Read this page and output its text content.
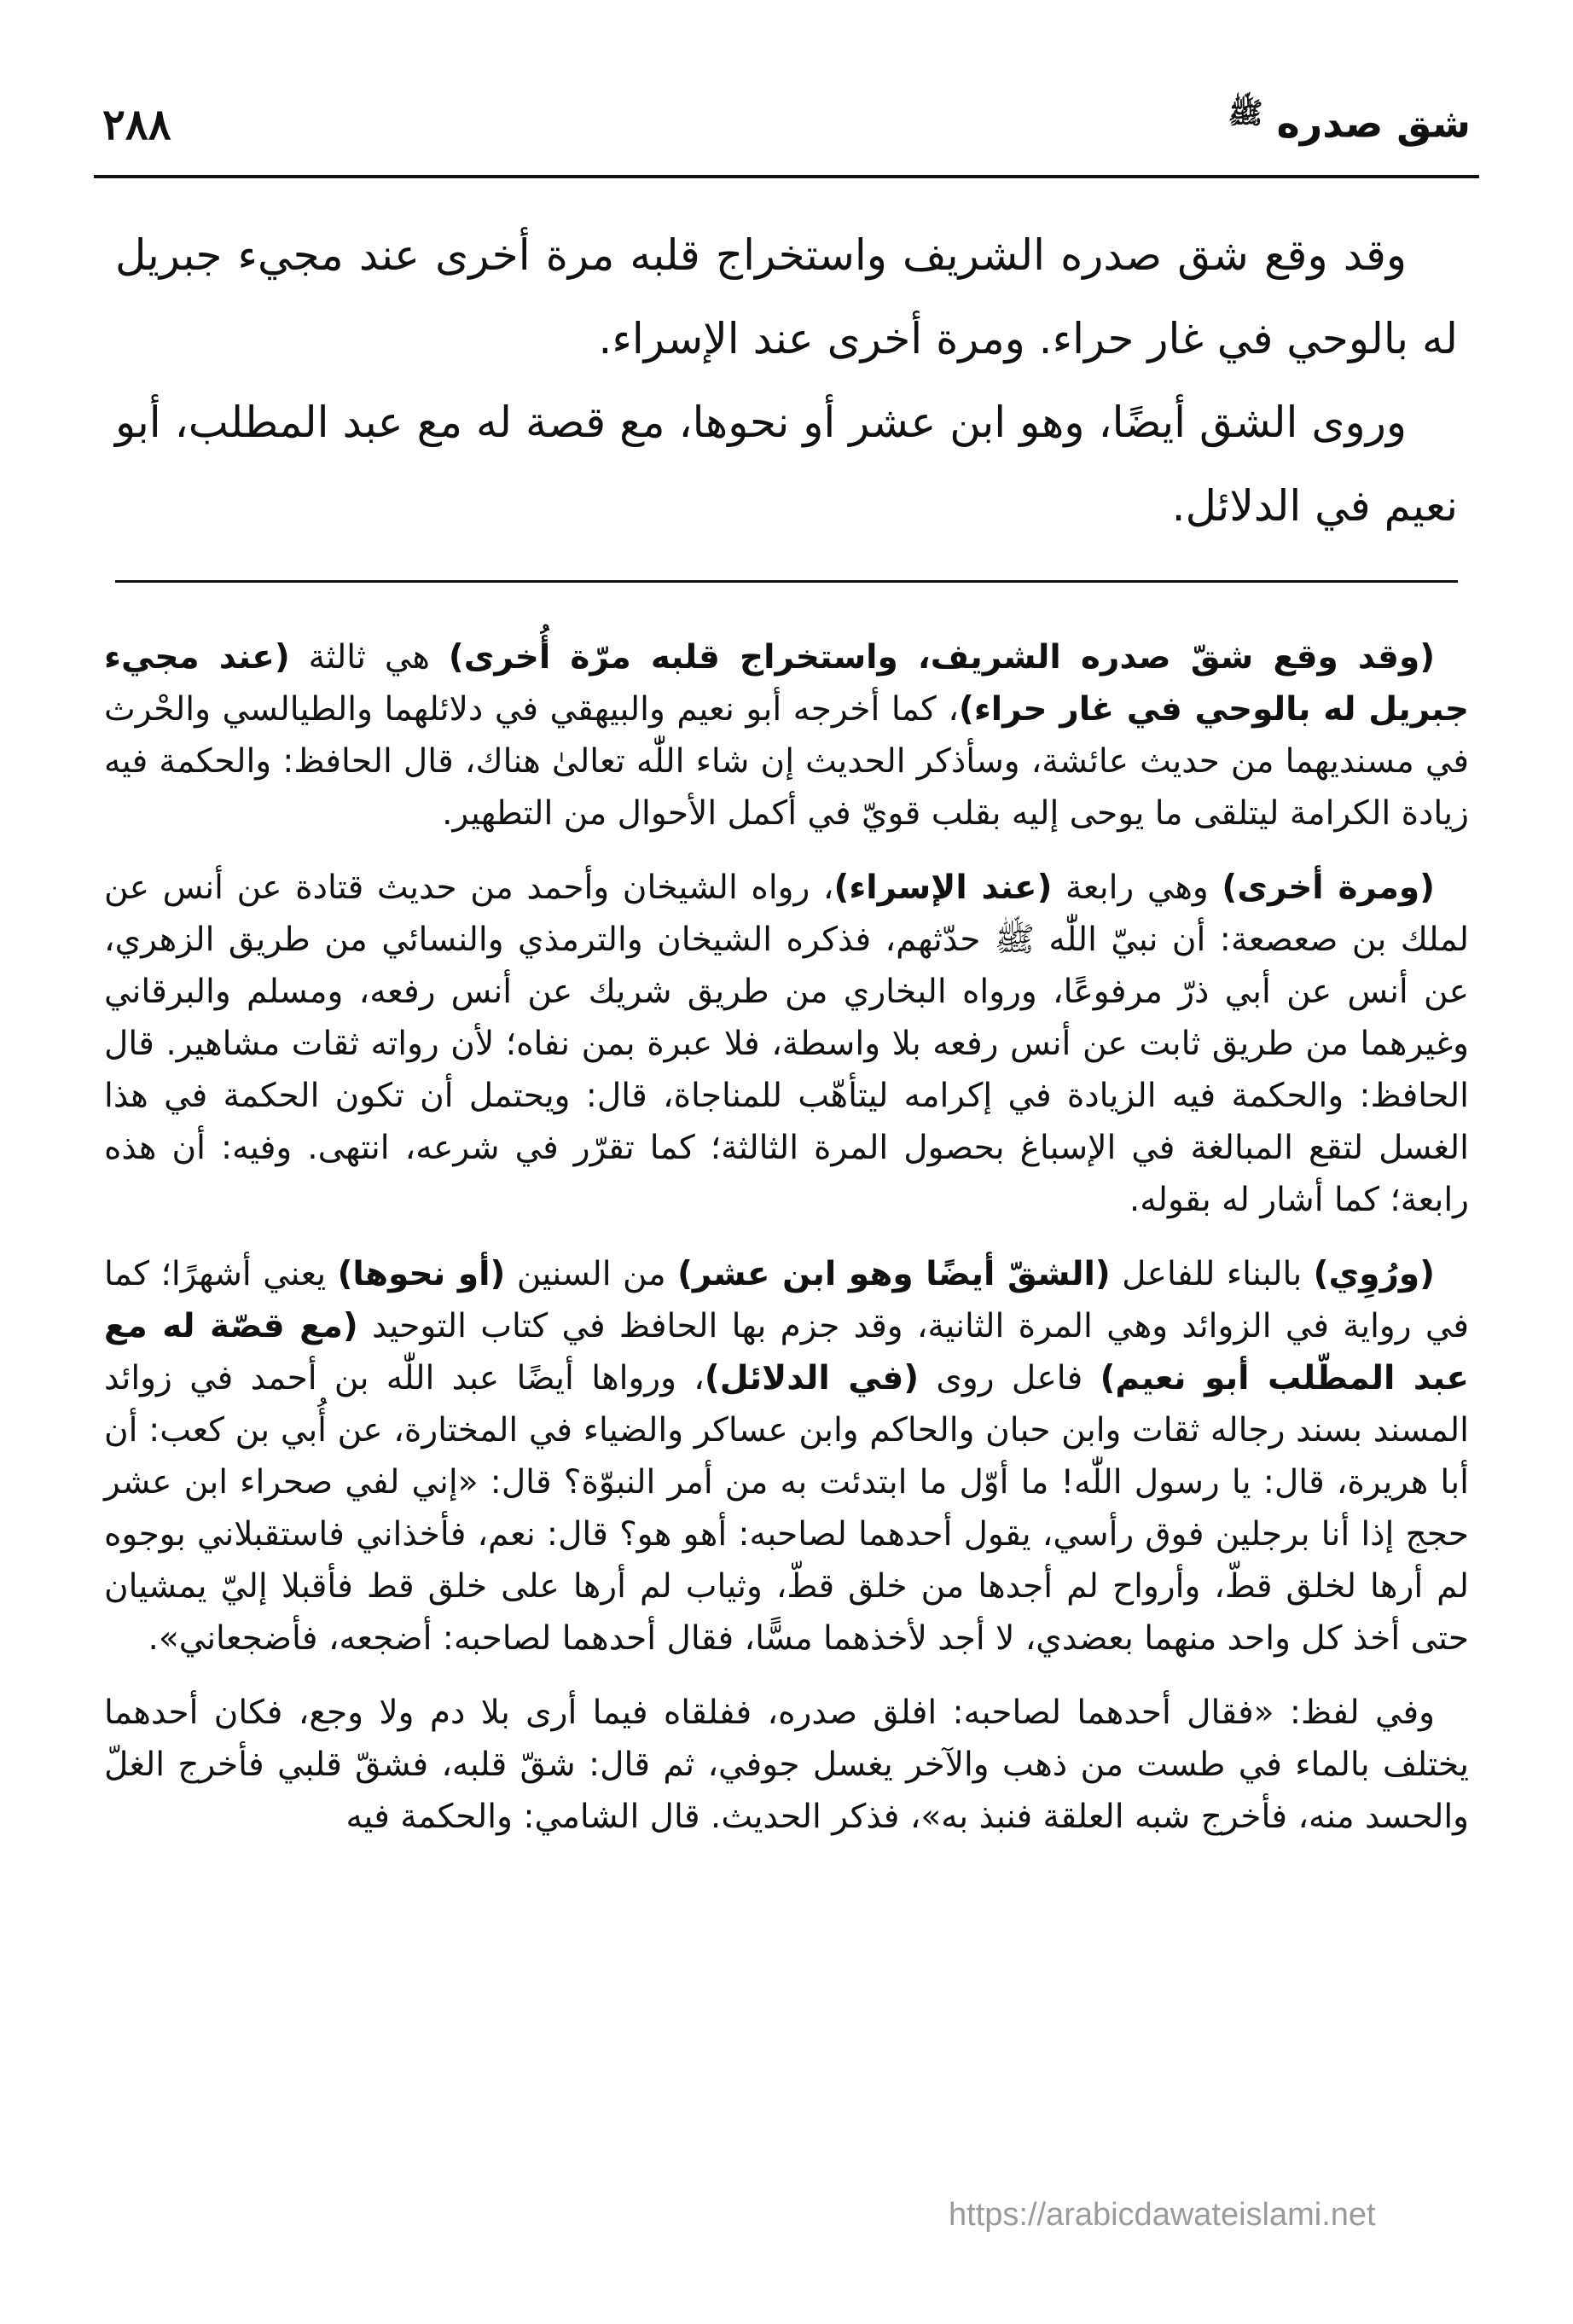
٢٨٨	شق صدره $^ﷺ$

وقد وقع شق صدره الشريف واستخراج قلبه مرة أخرى عند مجيء جبريل له بالوحي في غار حراء. ومرة أخرى عند الإسراء.

وروى الشق أيضًا، وهو ابن عشر أو نحوها، مع قصة له مع عبد المطلب، أبو نعيم في الدلائل.

(وقد وقع شقّ صدره الشريف، واستخراج قلبه مرّة أُخرى) هي ثالثة (عند مجيء جبريل له بالوحي في غار حراء)، كما أخرجه أبو نعيم والبيهقي في دلائلهما والطيالسي والحْرث في مسنديهما من حديث عائشة، وسأذكر الحديث إن شاء اللّٰه تعالىٰ هناك، قال الحافظ: والحكمة فيه زيادة الكرامة ليتلقى ما يوحى إليه بقلب قويّ في أكمل الأحوال من التطهير.

(ومرة أخرى) وهي رابعة (عند الإسراء)، رواه الشيخان وأحمد من حديث قتادة عن أنس عن لملك بن صعصعة: أن نبيّ اللّٰه ﷺ حدّثهم، فذكره الشيخان والترمذي والنسائي من طريق الزهري، عن أنس عن أبي ذرّ مرفوعًا، ورواه البخاري من طريق شريك عن أنس رفعه، ومسلم والبرقاني وغيرهما من طريق ثابت عن أنس رفعه بلا واسطة، فلا عبرة بمن نفاه؛ لأن رواته ثقات مشاهير. قال الحافظ: والحكمة فيه الزيادة في إكرامه ليتأهّب للمناجاة، قال: ويحتمل أن تكون الحكمة في هذا الغسل لتقع المبالغة في الإسباغ بحصول المرة الثالثة؛ كما تقرّر في شرعه، انتهى. وفيه: أن هذه رابعة؛ كما أشار له بقوله.

(ورُوِي) بالبناء للفاعل (الشقّ أيضًا وهو ابن عشر) من السنين (أو نحوها) يعني أشهرًا؛ كما في رواية في الزوائد وهي المرة الثانية، وقد جزم بها الحافظ في كتاب التوحيد (مع قصّة له مع عبد المطّلب أبو نعيم) فاعل روى (في الدلائل)، ورواها أيضًا عبد اللّٰه بن أحمد في زوائد المسند بسند رجاله ثقات وابن حبان والحاكم وابن عساكر والضياء في المختارة، عن أُبي بن كعب: أن أبا هريرة، قال: يا رسول اللّٰه! ما أوّل ما ابتدئت به من أمر النبوّة؟ قال: «إني لفي صحراء ابن عشر حجج إذا أنا برجلين فوق رأسي، يقول أحدهما لصاحبه: أهو هو؟ قال: نعم، فأخذاني فاستقبلاني بوجوه لم أرها لخلق قطّ، وأرواح لم أجدها من خلق قطّ، وثياب لم أرها على خلق قط فأقبلا إليّ يمشيان حتى أخذ كل واحد منهما بعضدي، لا أجد لأخذهما مسًّا، فقال أحدهما لصاحبه: أضجعه، فأضجعاني».

وفي لفظ: «فقال أحدهما لصاحبه: افلق صدره، ففلقاه فيما أرى بلا دم ولا وجع، فكان أحدهما يختلف بالماء في طست من ذهب والآخر يغسل جوفي، ثم قال: شقّ قلبه، فشقّ قلبي فأخرج الغلّ والحسد منه، فأخرج شبه العلقة فنبذ به»، فذكر الحديث. قال الشامي: والحكمة فيه

https://arabicdawateislami.net
